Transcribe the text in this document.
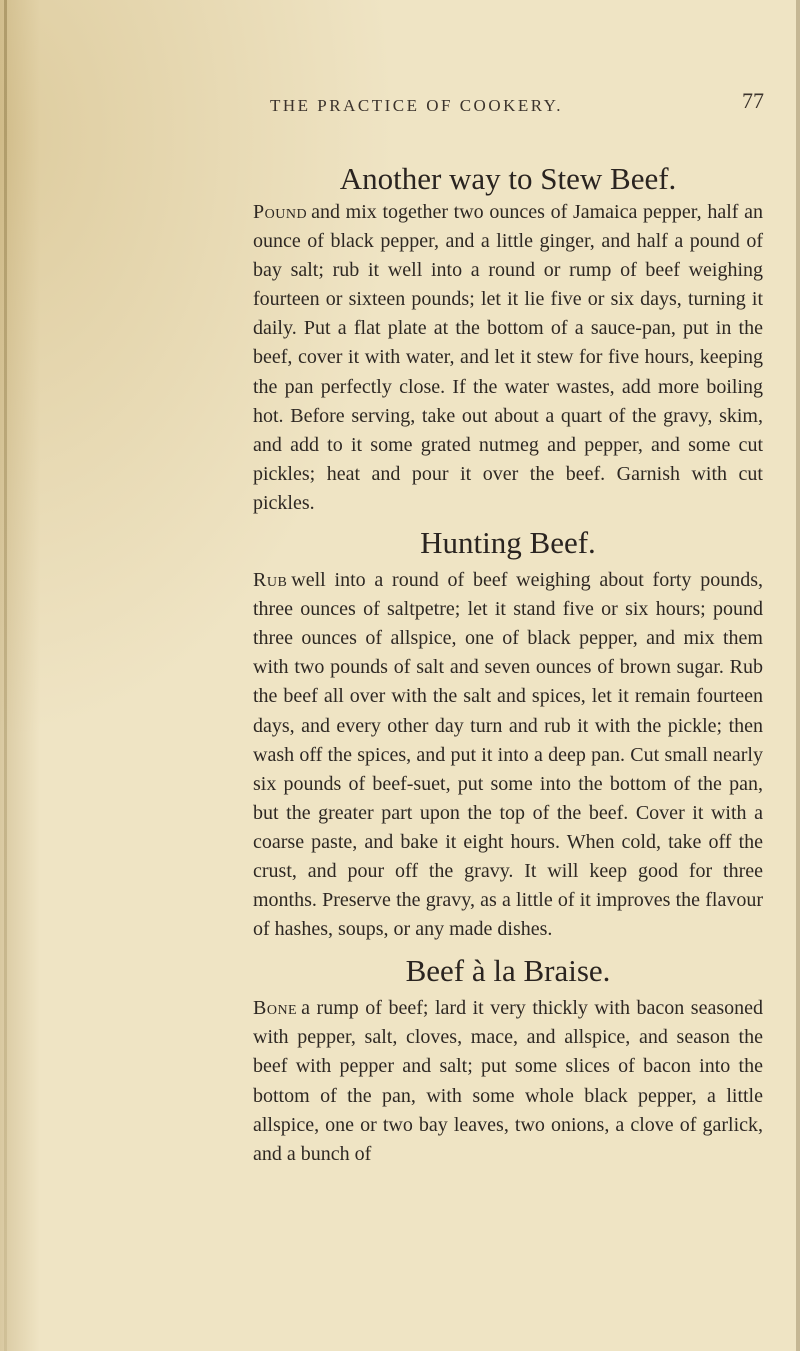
THE PRACTICE OF COOKERY.	77
Another way to Stew Beef.

Pound and mix together two ounces of Jamaica pepper, half an ounce of black pepper, and a little ginger, and half a pound of bay salt; rub it well into a round or rump of beef weighing fourteen or sixteen pounds; let it lie five or six days, turning it daily. Put a flat plate at the bottom of a sauce-pan, put in the beef, cover it with water, and let it stew for five hours, keeping the pan perfectly close. If the water wastes, add more boiling hot. Before serving, take out about a quart of the gravy, skim, and add to it some grated nutmeg and pepper, and some cut pickles; heat and pour it over the beef. Garnish with cut pickles.

Hunting Beef.

Rub well into a round of beef weighing about forty pounds, three ounces of saltpetre; let it stand five or six hours; pound three ounces of allspice, one of black pepper, and mix them with two pounds of salt and seven ounces of brown sugar. Rub the beef all over with the salt and spices, let it remain fourteen days, and every other day turn and rub it with the pickle; then wash off the spices, and put it into a deep pan. Cut small nearly six pounds of beef-suet, put some into the bottom of the pan, but the greater part upon the top of the beef. Cover it with a coarse paste, and bake it eight hours. When cold, take off the crust, and pour off the gravy. It will keep good for three months. Preserve the gravy, as a little of it improves the flavour of hashes, soups, or any made dishes.

Beef à la Braise.

Bone a rump of beef; lard it very thickly with bacon seasoned with pepper, salt, cloves, mace, and allspice, and season the beef with pepper and salt; put some slices of bacon into the bottom of the pan, with some whole black pepper, a little allspice, one or two bay leaves, two onions, a clove of garlick, and a bunch of
